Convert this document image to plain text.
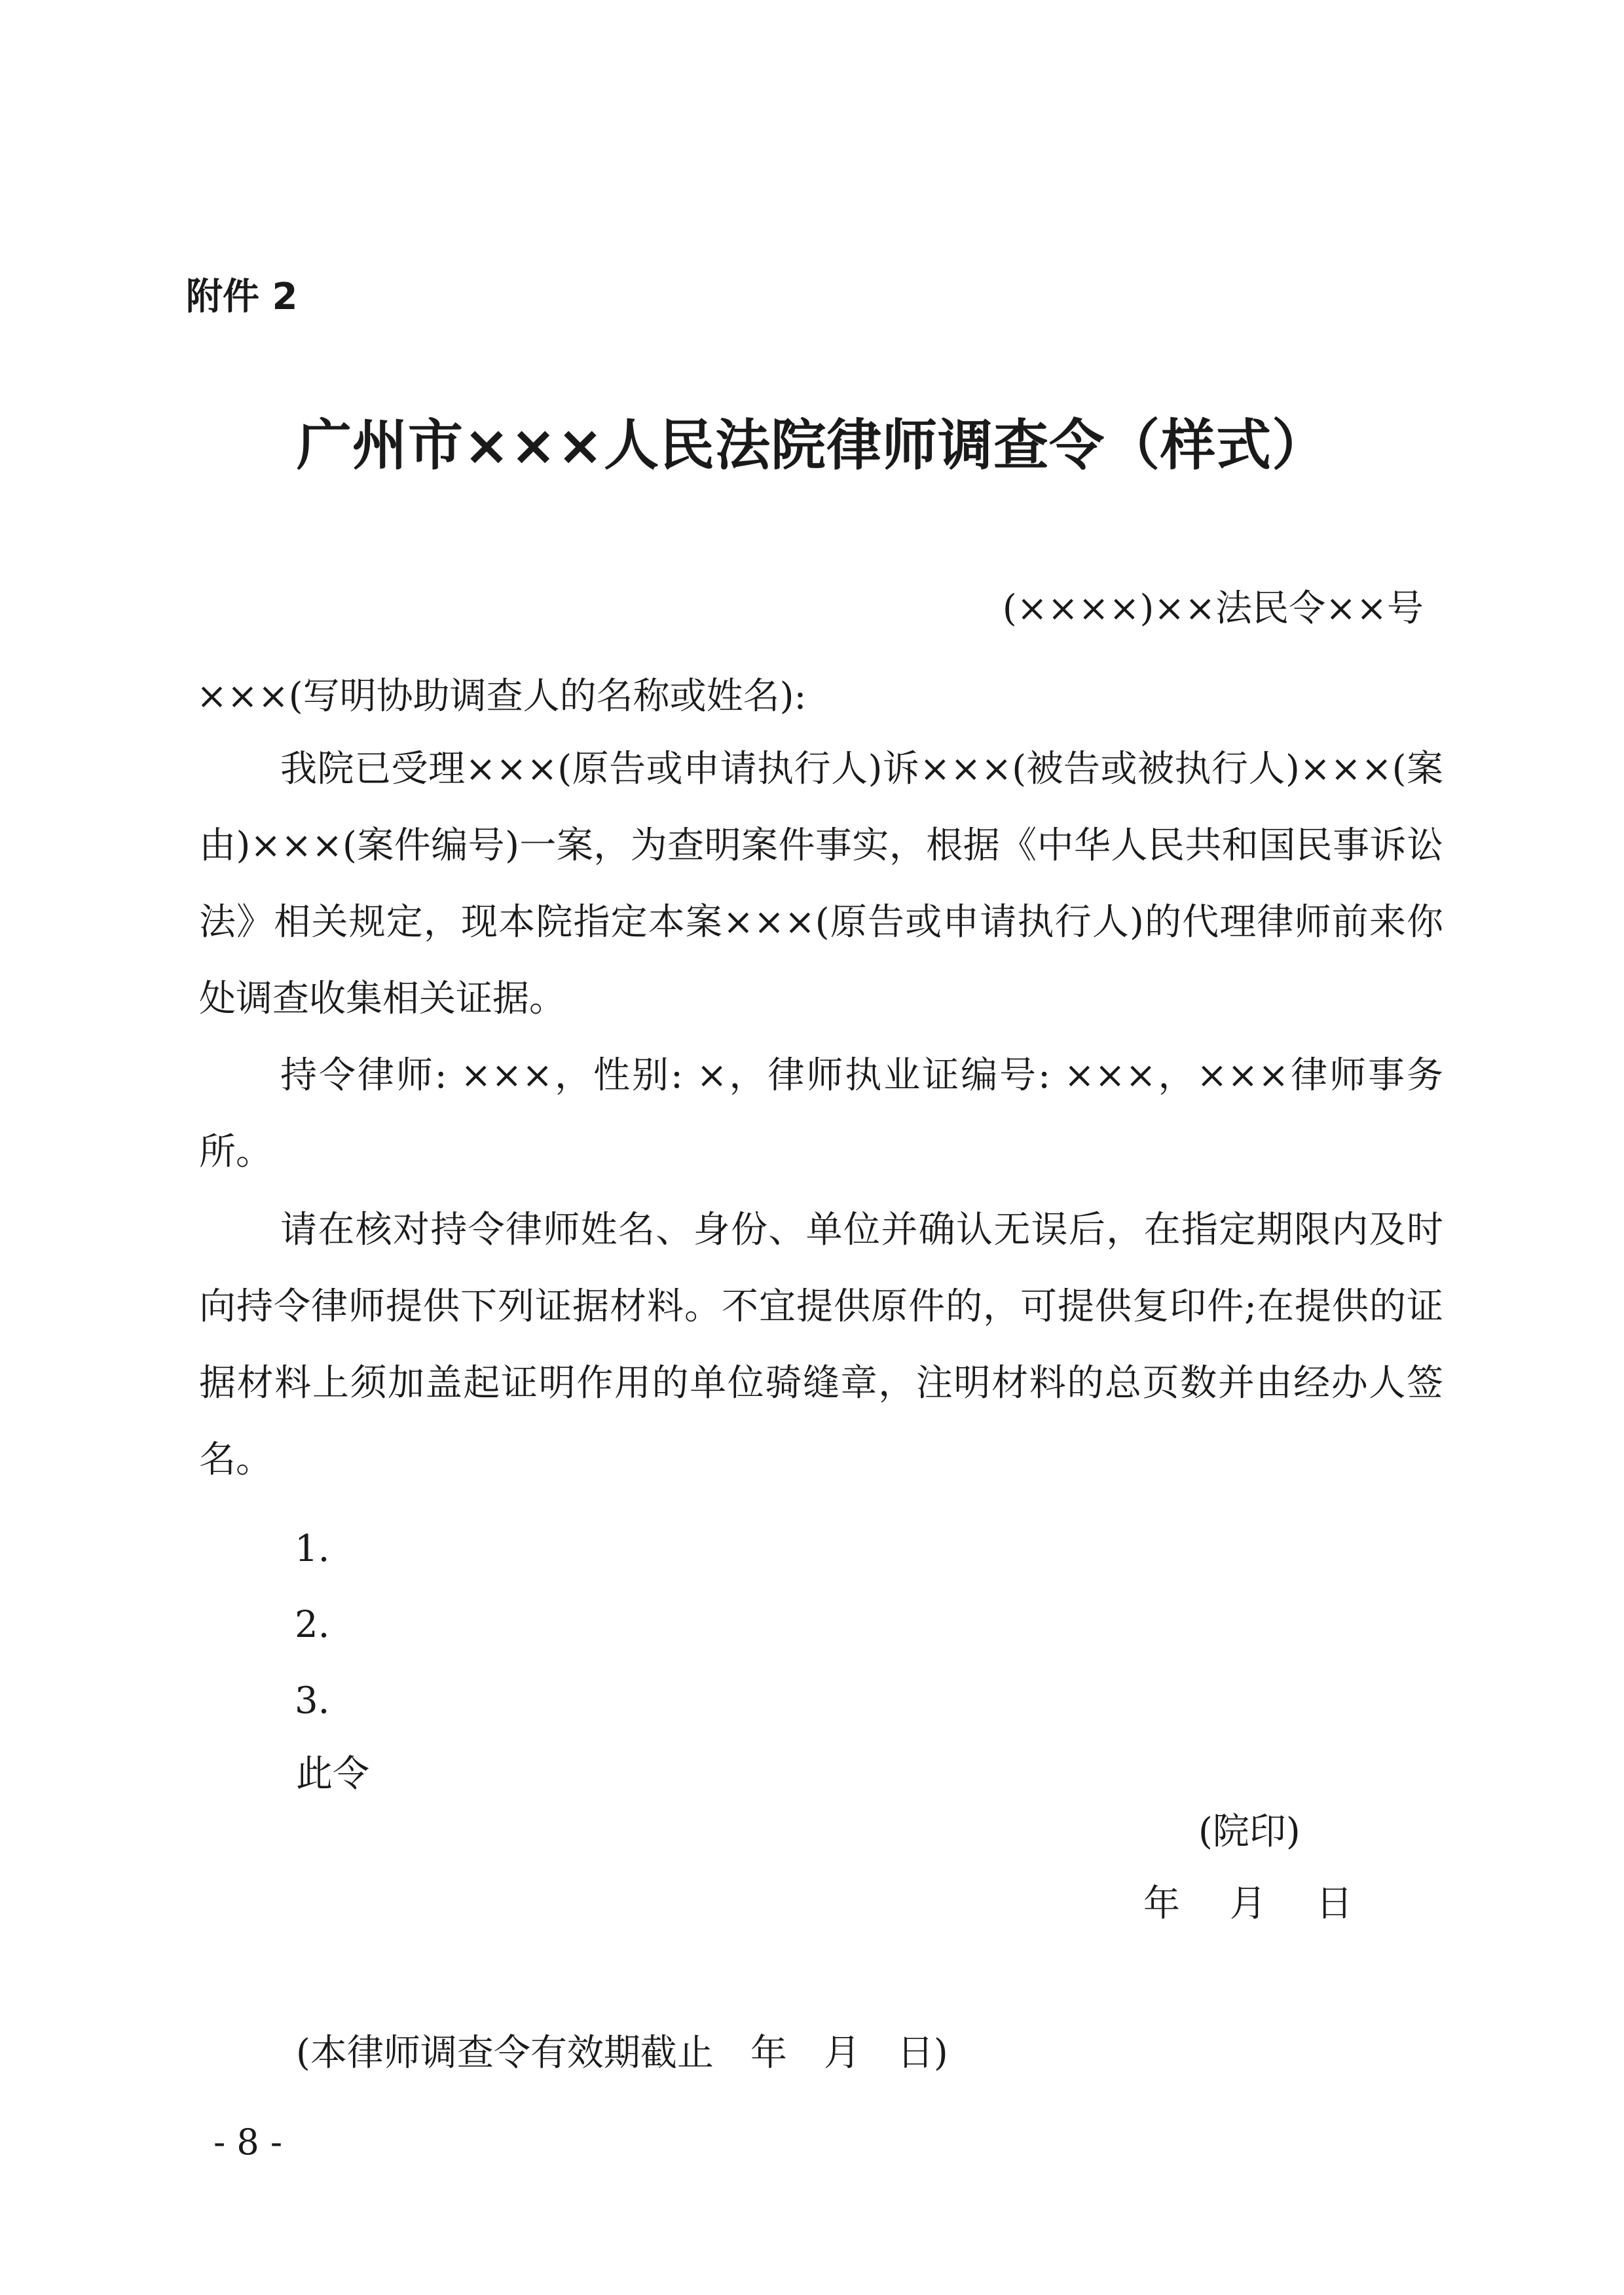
附件 2
广州市×××人民法院律师调查令（样式）
(××××)××法民令××号
×××(写明协助调查人的名称或姓名):
我院已受理×××(原告或申请执行人)诉×××(被告或被执行人)×××(案由)×××(案件编号)一案，为查明案件事实，根据《中华人民共和国民事诉讼法》相关规定，现本院指定本案×××(原告或申请执行人)的代理律师前来你处调查收集相关证据。
持令律师: ×××，性别: ×，律师执业证编号: ×××，×××律师事务所。
请在核对持令律师姓名、身份、单位并确认无误后，在指定期限内及时向持令律师提供下列证据材料。不宜提供原件的，可提供复印件;在提供的证据材料上须加盖起证明作用的单位骑缝章，注明材料的总页数并由经办人签名。
1.
2.
3.
此令
(院印)
年 月 日
(本律师调查令有效期截止　年　月　日)
- 8 -
